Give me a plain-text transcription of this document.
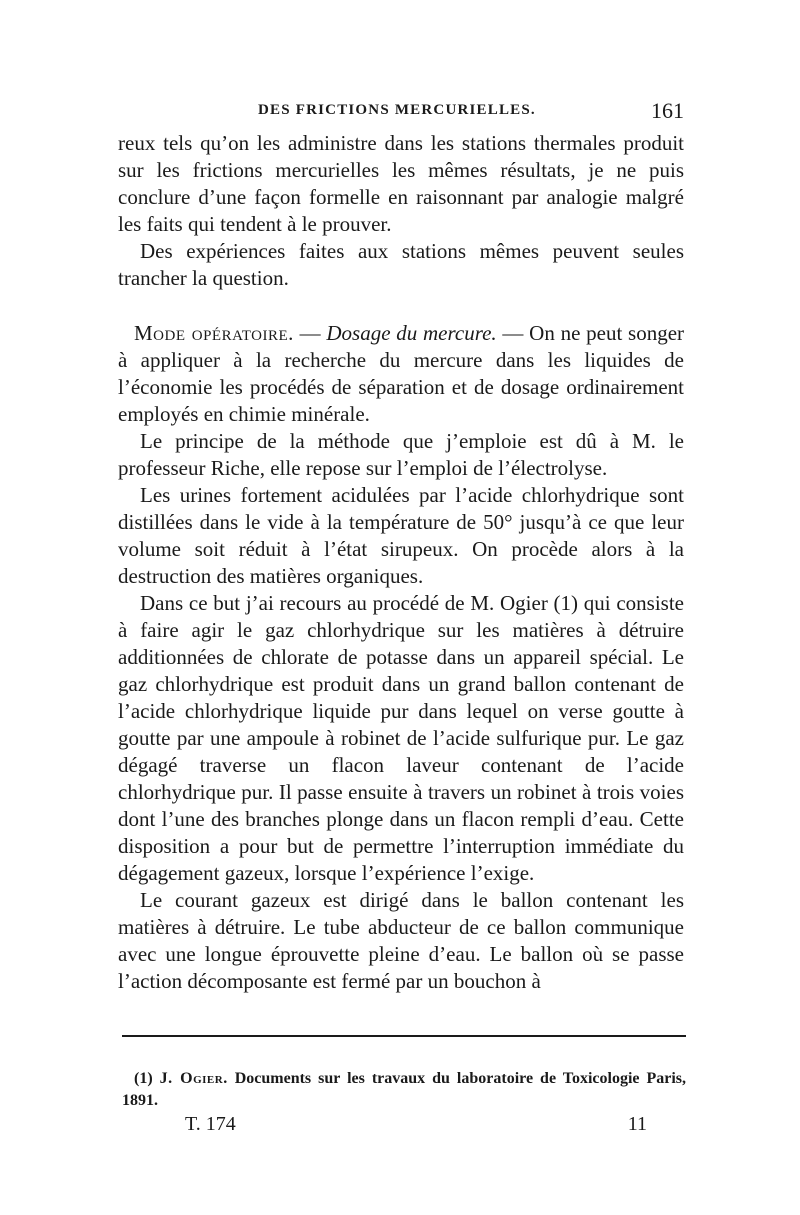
DES FRICTIONS MERCURIELLES.	161

reux tels qu’on les administre dans les stations thermales produit sur les frictions mercurielles les mêmes résultats, je ne puis conclure d’une façon formelle en raisonnant par analogie malgré les faits qui tendent à le prouver.

Des expériences faites aux stations mêmes peuvent seules trancher la question.

Mode opératoire. — Dosage du mercure. — On ne peut songer à appliquer à la recherche du mercure dans les liquides de l’économie les procédés de séparation et de dosage ordinairement employés en chimie minérale.

Le principe de la méthode que j’emploie est dû à M. le professeur Riche, elle repose sur l’emploi de l’électrolyse.

Les urines fortement acidulées par l’acide chlorhydrique sont distillées dans le vide à la température de 50° jusqu’à ce que leur volume soit réduit à l’état sirupeux. On procède alors à la destruction des matières organiques.

Dans ce but j’ai recours au procédé de M. Ogier (1) qui consiste à faire agir le gaz chlorhydrique sur les matières à détruire additionnées de chlorate de potasse dans un appareil spécial. Le gaz chlorhydrique est produit dans un grand ballon contenant de l’acide chlorhydrique liquide pur dans lequel on verse goutte à goutte par une ampoule à robinet de l’acide sulfurique pur. Le gaz dégagé traverse un flacon laveur contenant de l’acide chlorhydrique pur. Il passe ensuite à travers un robinet à trois voies dont l’une des branches plonge dans un flacon rempli d’eau. Cette disposition a pour but de permettre l’interruption immédiate du dégagement gazeux, lorsque l’expérience l’exige.

Le courant gazeux est dirigé dans le ballon contenant les matières à détruire. Le tube abducteur de ce ballon communique avec une longue éprouvette pleine d’eau. Le ballon où se passe l’action décomposante est fermé par un bouchon à

(1) J. Ogier. Documents sur les travaux du laboratoire de Toxicologie Paris, 1891.
T. 174	11
